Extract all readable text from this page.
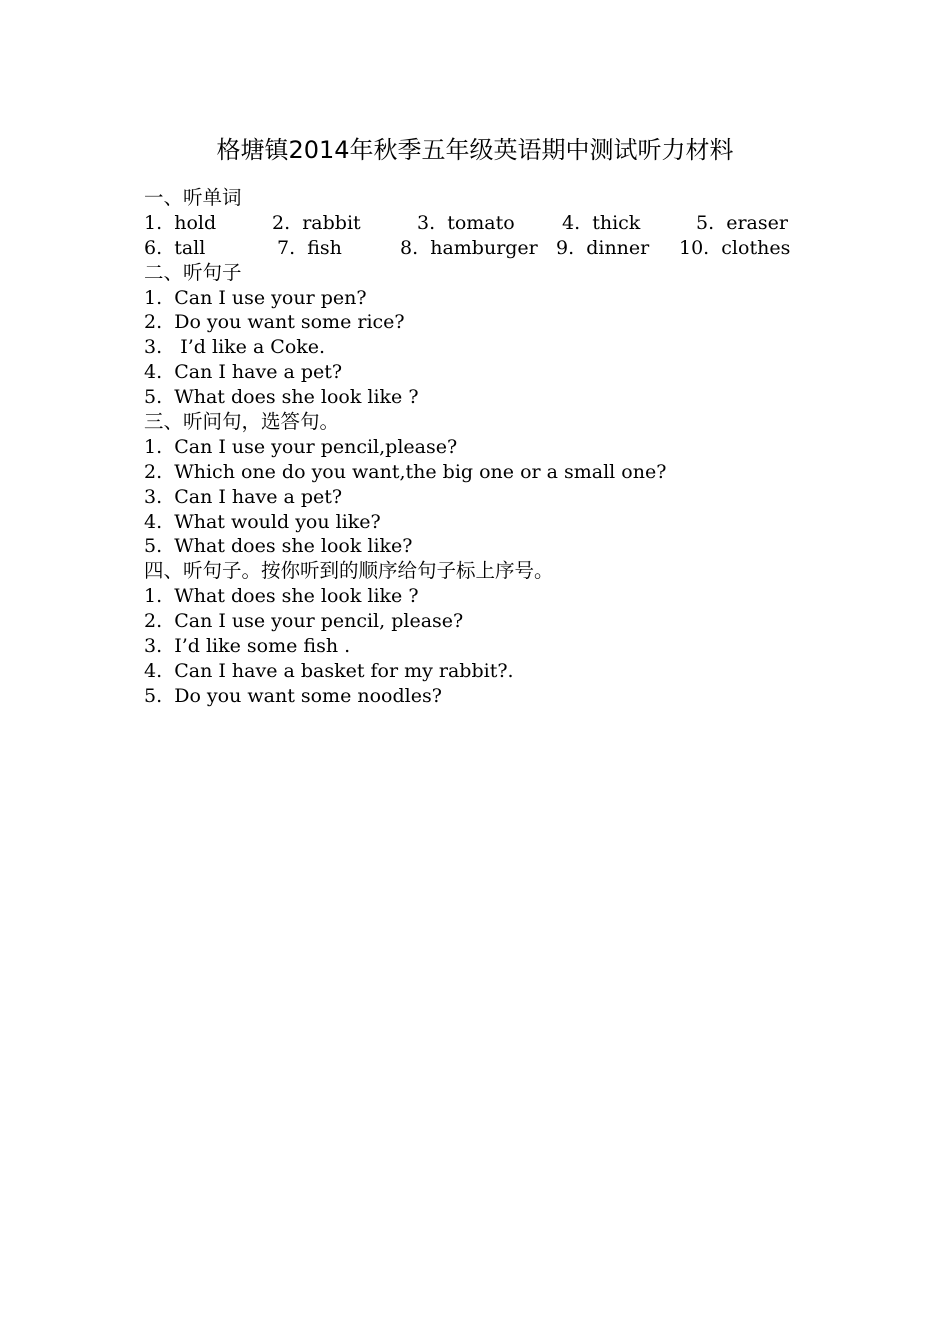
格塘镇2014年秋季五年级英语期中测试听力材料
一、听单词
1.  hold	2.  rabbit	3.  tomato 4.  thick	5.  eraser
6.  tall	7.  fish	8.  hamburger 9.  dinner 10.  clothes
二、听句子
1.  Can I use your pen?
2.  Do you want some rice?
3.   I’d like a Coke.
4.  Can I have a pet?
5.  What does she look like ?
三、听问句，选答句。
1.  Can I use your pencil,please?
2.  Which one do you want,the big one or a small one?
3.  Can I have a pet?
4.  What would you like?
5.  What does she look like?
四、听句子。按你听到的顺序给句子标上序号。
1.  What does she look like ?
2.  Can I use your pencil, please?
3.  I’d like some fish .
4.  Can I have a basket for my rabbit?.
5.  Do you want some noodles?
